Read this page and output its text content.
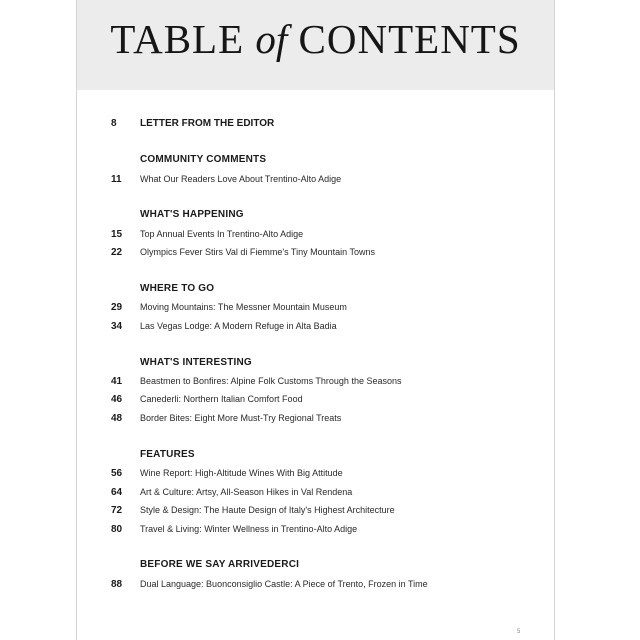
TABLE of CONTENTS
8 LETTER FROM THE EDITOR
COMMUNITY COMMENTS
11 What Our Readers Love About Trentino-Alto Adige
WHAT'S HAPPENING
15 Top Annual Events In Trentino-Alto Adige
22 Olympics Fever Stirs Val di Fiemme's Tiny Mountain Towns
WHERE TO GO
29 Moving Mountains: The Messner Mountain Museum
34 Las Vegas Lodge: A Modern Refuge in Alta Badia
WHAT'S INTERESTING
41 Beastmen to Bonfires: Alpine Folk Customs Through the Seasons
46 Canederli: Northern Italian Comfort Food
48 Border Bites: Eight More Must-Try Regional Treats
FEATURES
56 Wine Report: High-Altitude Wines With Big Attitude
64 Art & Culture: Artsy, All-Season Hikes in Val Rendena
72 Style & Design: The Haute Design of Italy's Highest Architecture
80 Travel & Living: Winter Wellness in Trentino-Alto Adige
BEFORE WE SAY ARRIVEDERCI
88 Dual Language: Buonconsiglio Castle: A Piece of Trento, Frozen in Time
5
